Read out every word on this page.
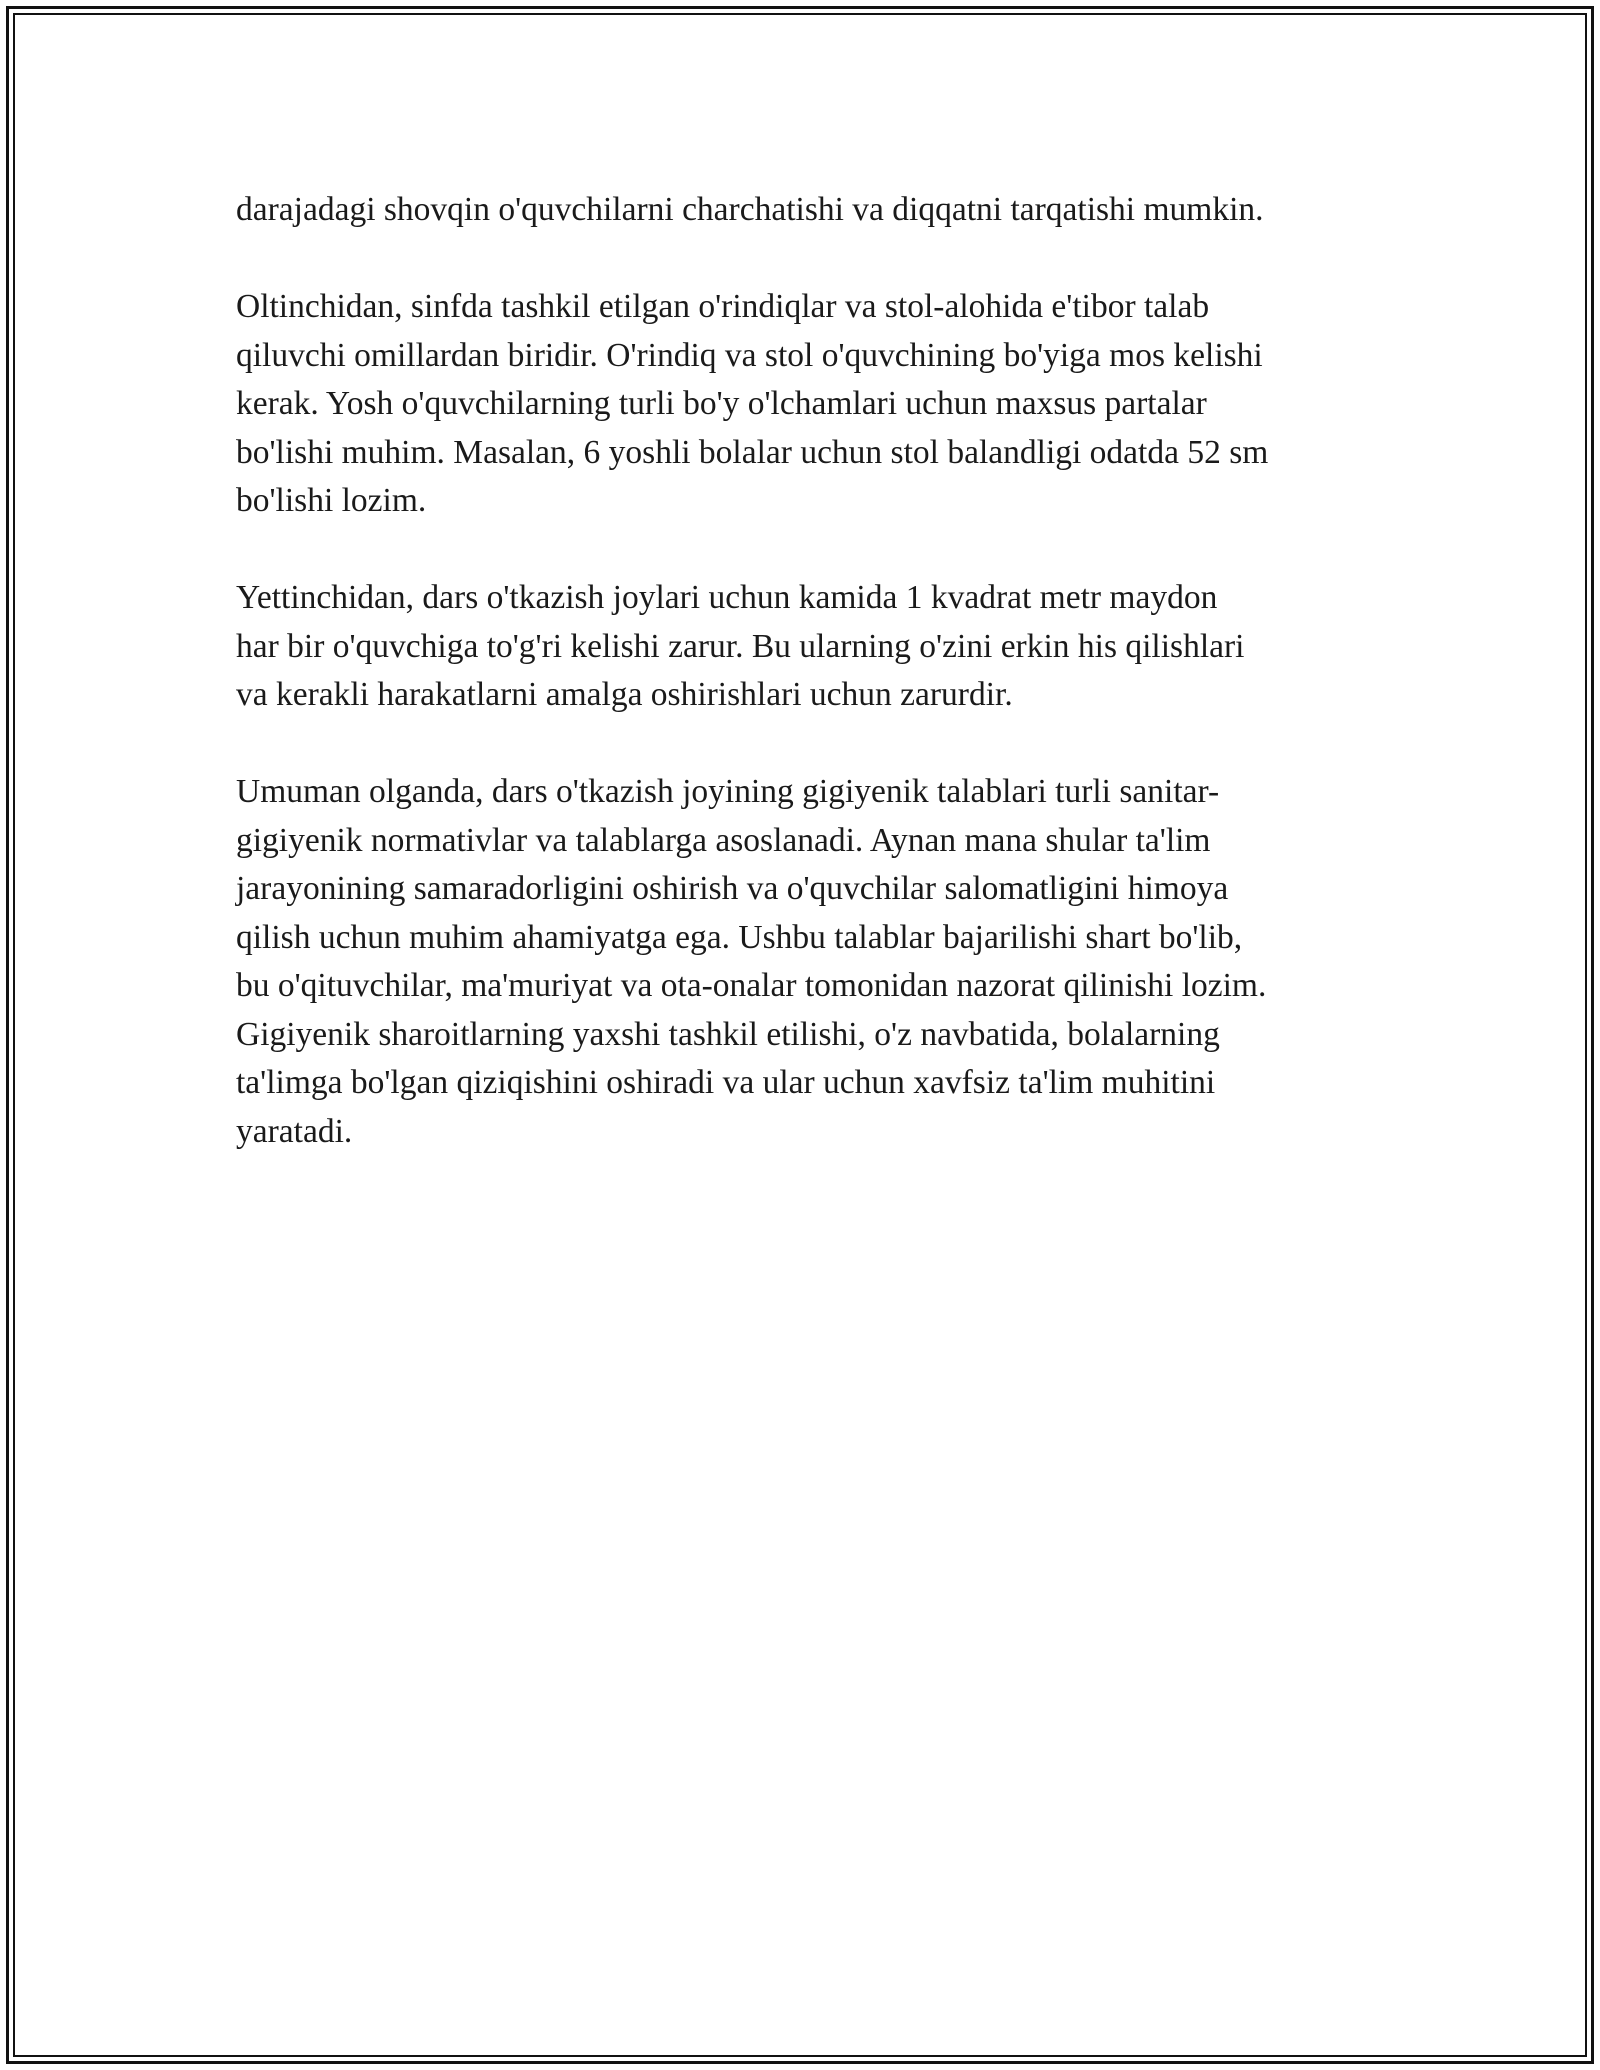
darajadagi shovqin o'quvchilarni charchatishi va diqqatni tarqatishi mumkin.

Oltinchidan, sinfda tashkil etilgan o'rindiqlar va stol-alohida e'tibor talab
qiluvchi omillardan biridir. O'rindiq va stol o'quvchining bo'yiga mos kelishi
kerak. Yosh o'quvchilarning turli bo'y o'lchamlari uchun maxsus partalar
bo'lishi muhim. Masalan, 6 yoshli bolalar uchun stol balandligi odatda 52 sm
bo'lishi lozim.

Yettinchidan, dars o'tkazish joylari uchun kamida 1 kvadrat metr maydon
har bir o'quvchiga to'g'ri kelishi zarur. Bu ularning o'zini erkin his qilishlari
va kerakli harakatlarni amalga oshirishlari uchun zarurdir.

Umuman olganda, dars o'tkazish joyining gigiyenik talablari turli sanitar-
gigiyenik normativlar va talablarga asoslanadi. Aynan mana shular ta'lim
jarayonining samaradorligini oshirish va o'quvchilar salomatligini himoya
qilish uchun muhim ahamiyatga ega. Ushbu talablar bajarilishi shart bo'lib,
bu o'qituvchilar, ma'muriyat va ota-onalar tomonidan nazorat qilinishi lozim.
Gigiyenik sharoitlarning yaxshi tashkil etilishi, o'z navbatida, bolalarning
ta'limga bo'lgan qiziqishini oshiradi va ular uchun xavfsiz ta'lim muhitini
yaratadi.
